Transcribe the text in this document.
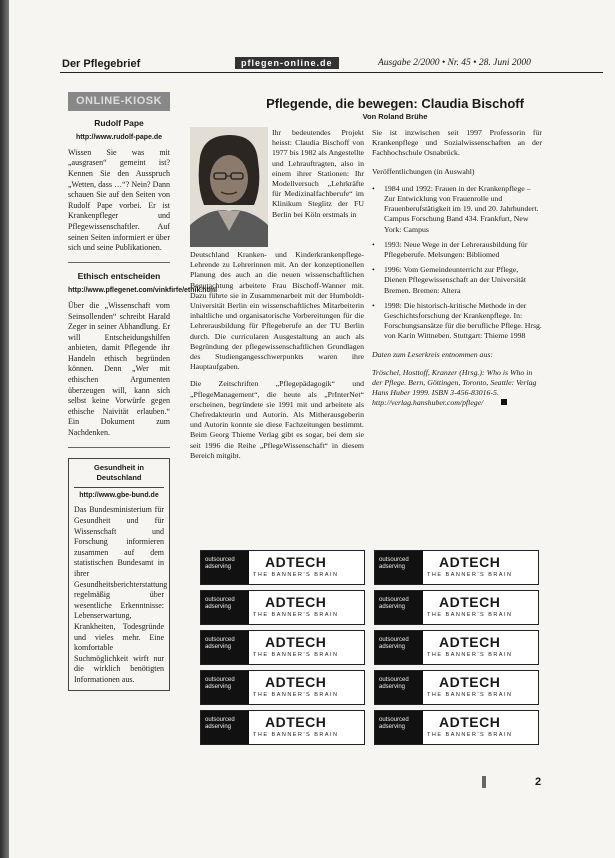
Der Pflegebrief	pflegen-online.de	Ausgabe 2/2000 • Nr. 45 • 28. Juni 2000
ONLINE-KIOSK
Rudolf Pape
http://www.rudolf-pape.de
Wissen Sie was mit „ausgrasen“ gemeint ist? Kennen Sie den Ausspruch „Wetten, dass …“? Nein? Dann schauen Sie auf den Seiten von Rudolf Pape vorbei. Er ist Krankenpfleger und Pflegewissenschaftler. Auf seinen Seiten informiert er über sich und seine Publikationen.
Ethisch entscheiden
http://www.pflegenet.com/vinkfirfe/ethik.html
Über die „Wissenschaft vom Seinsollenden“ schreibt Harald Zeger in seiner Abhandlung. Er will Entscheidungshilfen anbieten, damit Pflegende ihr Handeln ethisch begründen können. Denn „Wer mit ethischen Argumenten überzeugen will, kann sich selbst keine Vorwürfe gegen ethische Naivität erlauben.“ Ein Dokument zum Nachdenken.
Gesundheit in Deutschland
http://www.gbe-bund.de
Das Bundesministerium für Gesundheit und für Wissenschaft und Forschung informieren zusammen auf dem statistischen Bundesamt in ihrer Gesundheitsberichterstattung regelmäßig über wesentliche Erkenntnisse: Lebenserwartung, Krankheiten, Todesgründe und vieles mehr. Eine komfortable Suchmöglichkeit wirft nur die wirklich benötigten Informationen aus.
Pflegende, die bewegen: Claudia Bischoff
Von Roland Brühe
Ihr bedeutendes Projekt heisst: Claudia Bischoff von 1977 bis 1982 als Angestellte und Lehrauftragten, also in einem ihrer Stationen: Ihr Modellversuch „Lehrkräfte für Medizinalfachberufe“ im Klinikum Steglitz der FU Berlin bei Köln erstmals in

Deutschland Kranken- und Kinderkrankenpflege-Lehrende zu Lehrerinnen mit. An der konzeptionellen Planung des auch an die neuen wissenschaftlichen Begutachtung arbeitete Frau Bischoff-Wanner mit. Dazu führte sie in Zusammenarbeit mit der Humboldt-Universität Berlin ein wissenschaftliches Mitarbeiterin inhaltliche und organisatorische Vorbereitungen für die Lehrerausbildung für Pflegeberufe an der TU Berlin durch. Die curricularen Ausgestaltung an auch als Begründung der pflegewissenschaftlichen Grundlagen des Studiengangesschwerpunkts waren ihre Hauptaufgaben.

Die Zeitschriften „Pflegepädagogik“ und „PflegeManagement“, die heute als „PrInterNet“ erscheinen, begründete sie 1991 mit und arbeitete als Chefredakteurin und Autorin. Als Mitherausgeberin und Autorin konnte sie diese Fachzeitungen bestimmt. Beim Georg Thieme Verlag gibt es sogar, bei dem sie seit 1996 die Reihe „PflegeWissenschaft“ in diesem Bereich mitgibt.

Sie ist inzwischen seit 1997 Professorin für Krankenpflege und Sozialwissenschaften an der Fachhochschule Osnabrück.

Veröffentlichungen (in Auswahl)

• 1984 und 1992: Frauen in der Krankenpflege – Zur Entwicklung von Frauenrolle und Frauenberufstätigkeit im 19. und 20. Jahrhundert. Campus Forschung Band 434. Frankfurt, New York: Campus
• 1993: Neue Wege in der Lehrerausbildung für Pflegeberufe. Melsungen: Bibliomed
• 1996: Vom Gemeindeunterricht zur Pflege, Dienen Pflegewissenschaft an der Universität Bremen. Bremen: Altera
• 1998: Die historisch-kritische Methode in der Geschichtsforschung der Krankenpflege. In: Forschungsansätze für die berufliche Pflege. Hrsg. von Karin Wittneben. Stuttgart: Thieme 1998
Daten zum Leserkreis entnommen aus:
Tröschel, Hosttoff, Kranzer (Hrsg.): Who is Who in der Pflege. Bern, Göttingen, Toronto, Seattle: Verlag Hans Huber 1999. ISBN 3-456-83016-5. http://verlag.hanshuber.com/pflege/
outsourced adserving	ADTECH
THE BANNER'S BRAIN
outsourced adserving	ADTECH
THE BANNER'S BRAIN
outsourced adserving	ADTECH
THE BANNER'S BRAIN
outsourced adserving	ADTECH
THE BANNER'S BRAIN
outsourced adserving	ADTECH
THE BANNER'S BRAIN
outsourced adserving	ADTECH
THE BANNER'S BRAIN
outsourced adserving	ADTECH
THE BANNER'S BRAIN
outsourced adserving	ADTECH
THE BANNER'S BRAIN
outsourced adserving	ADTECH
THE BANNER'S BRAIN
outsourced adserving	ADTECH
THE BANNER'S BRAIN
2
